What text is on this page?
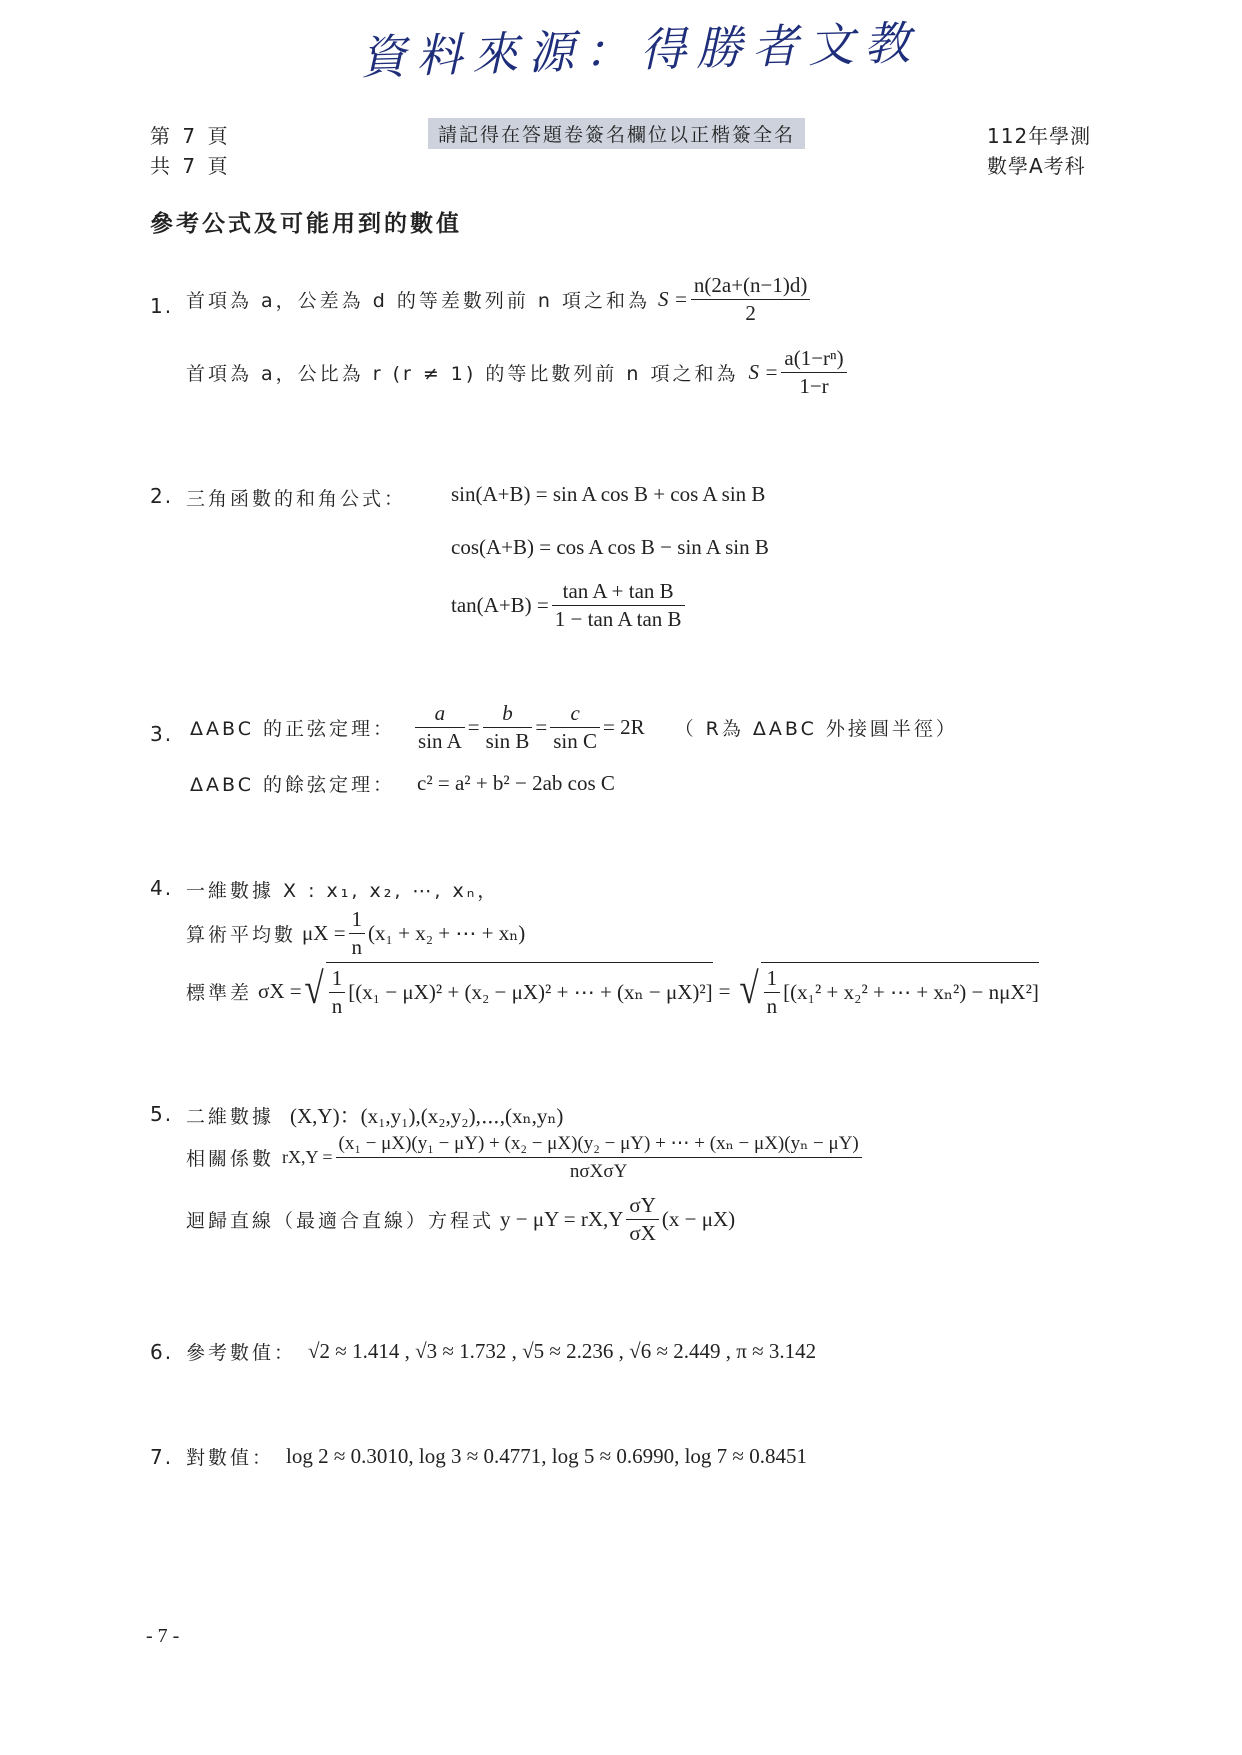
資料來源：得勝者文教
第 7 頁
共 7 頁
請記得在答題卷簽名欄位以正楷簽全名	112年學測
數學A考科
參考公式及可能用到的數值
1. 首項為 a，公差為 d 的等差數列前 n 項之和為 $S = \frac{n(2a+(n-1)d)}{2}$
首項為 a，公比為 r (r ≠ 1) 的等比數列前 n 項之和為 $S = \frac{\text{a(1−rⁿ)}}{1-r}$
2. 三角函數的和角公式： sin(A+B) = sin A cos B + cos A sin B
cos(A+B) = cos A cos B − sin A sin B
$\tan(A+B) = \frac{\text{tan A + tan B}}{\text{1 − tan A tan B}}$
3. ΔABC 的正弦定理： $\frac{a}{\text{sin A}} = \frac{b}{\text{sin B}} = \frac{c}{\text{sin C}} = 2R$ （ R為 ΔABC 外接圓半徑）
ΔABC 的餘弦定理： c² = a² + b² − 2ab cos C
4. 一維數據 X : x₁, x₂, ⋯, xₙ，
算術平均數 $\mu X = \frac{1}{n} (x_1 + x_2$ + ⋯ + xₙ)
標準差 σX = √ $\frac{1}{n} [(x_1 - \mu X)^2 + (x_2 - \mu X)^2$ + ⋯ + (xₙ − μX)²] = √ $\frac{1}{n} [(x_1^2 + x_2^2$ + ⋯ + xₙ²) − nμX²]
5. 二維數據 (X,Y)：(x₁,y₁),(x₂,y₂),⋯,(xₙ,yₙ)
相關係數 rX,Y =
(x₁ − μX)(y₁ − μY) + (x₂ − μX)(y₂ − μY) + ⋯ + (xₙ − μX)(yₙ − μY)
nσXσY
迴歸直線（最適合直線）方程式 $y - \mu Y = rX,Y \frac{\sigma Y}{\sigma X} (x - \mu X)$
6. 參考數值： √2 ≈ 1.414 , √3 ≈ 1.732 , √5 ≈ 2.236 , √6 ≈ 2.449 , π ≈ 3.142
7. 對數值： log 2 ≈ 0.3010, log 3 ≈ 0.4771, log 5 ≈ 0.6990, log 7 ≈ 0.8451
- 7 -
